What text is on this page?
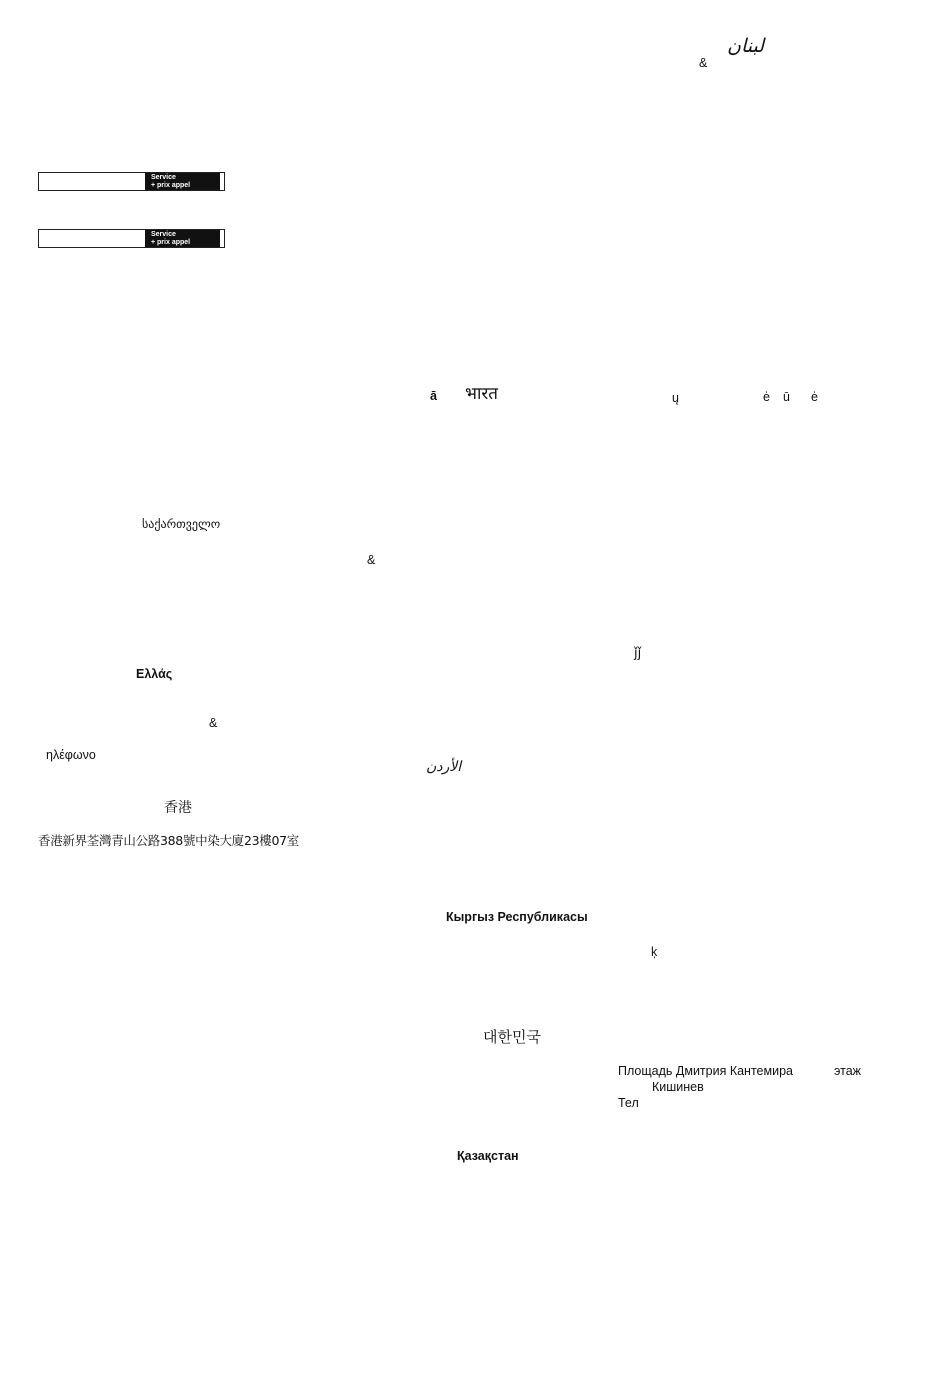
&
لبنان
Service
+ prix appel
Service
+ prix appel
ā भारत	ų	ė ū ė
საქართველო
&
ǰǰ
Ελλάς
&
ηλέφωνο
الأردن
香港
香港新界荃灣青山公路388號中染大廈23樓07室
Кыргыз Республикасы
ķ
대한민국
Площадь Дмитрия Кантемира	этаж
Кишинев
Тел
Қазақстан
